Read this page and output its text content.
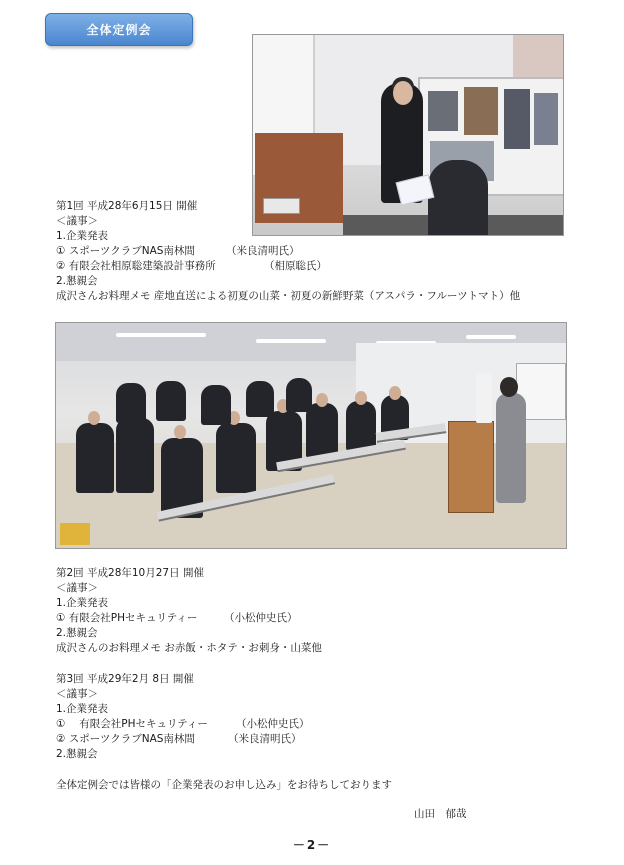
全体定例会
第1回 平成28年6月15日 開催
＜議事＞
1.企業発表
① スポーツクラブNAS南林間	（米良清明氏）
② 有限会社相原聡建築設計事務所	（相原聡氏）
2.懇親会
成沢さんお料理メモ 産地直送による初夏の山菜・初夏の新鮮野菜（アスパラ・フルーツトマト）他
第2回 平成28年10月27日 開催
＜議事＞
1.企業発表
① 有限会社PHセキュリティー	（小松仲史氏）
2.懇親会
成沢さんのお料理メモ お赤飯・ホタテ・お刺身・山菜他
第3回 平成29年2月 8日 開催
＜議事＞
1.企業発表
①　 有限会社PHセキュリティー	（小松仲史氏）
② スポーツクラブNAS南林間	（米良清明氏）
2.懇親会
全体定例会では皆様の「企業発表のお申し込み」をお待ちしております
山田　郁哉
－2－
